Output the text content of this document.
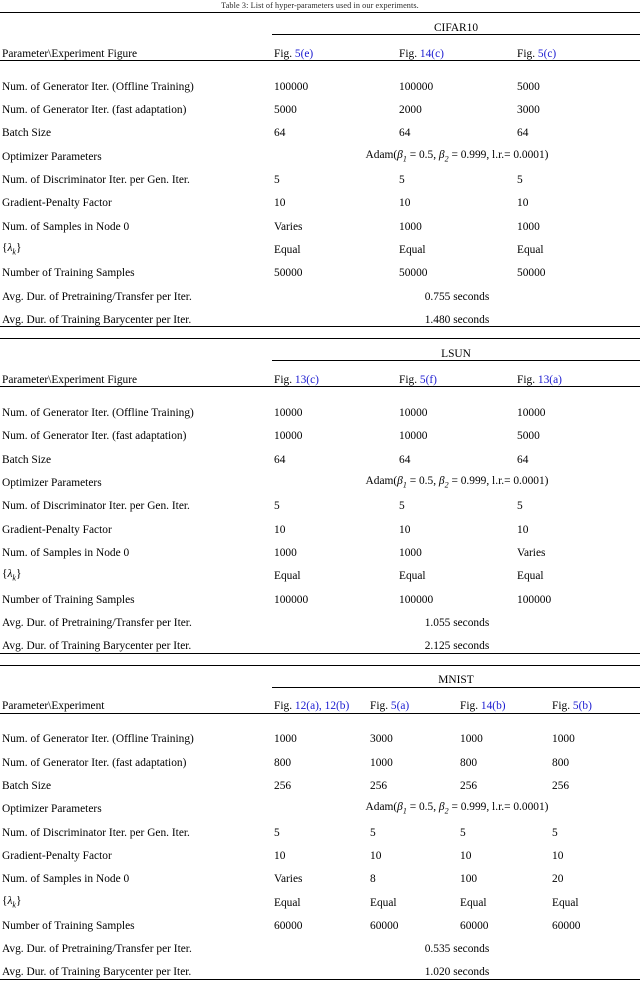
Table 3: List of hyper-parameters used in our experiments.

	CIFAR10		
Parameter\Experiment Figure	Fig. 5(e)	Fig. 14(c)	Fig. 5(c)

Num. of Generator Iter. (Offline Training)	100000	100000	5000
Num. of Generator Iter. (fast adaptation)	5000	2000	3000
Batch Size	64	64	64
Optimizer Parameters	$Adam(\beta_1 = 0.5$, $\beta_2 = 0.999$, l.r.= 0.0001)		
Num. of Discriminator Iter. per Gen. Iter.	5	5	5
Gradient-Penalty Factor	10	10	10
Num. of Samples in Node 0	Varies	1000	1000
$\{\lambda_k\}$	Equal	Equal	Equal
Number of Training Samples	50000	50000	50000
Avg. Dur. of Pretraining/Transfer per Iter.	0.755 seconds		
Avg. Dur. of Training Barycenter per Iter.	1.480 seconds		

	LSUN		
Parameter\Experiment Figure	Fig. 13(c)	Fig. 5(f)	Fig. 13(a)

Num. of Generator Iter. (Offline Training)	10000	10000	10000
Num. of Generator Iter. (fast adaptation)	10000	10000	5000
Batch Size	64	64	64
Optimizer Parameters	$Adam(\beta_1 = 0.5$, $\beta_2 = 0.999$, l.r.= 0.0001)		
Num. of Discriminator Iter. per Gen. Iter.	5	5	5
Gradient-Penalty Factor	10	10	10
Num. of Samples in Node 0	1000	1000	Varies
$\{\lambda_k\}$	Equal	Equal	Equal
Number of Training Samples	100000	100000	100000
Avg. Dur. of Pretraining/Transfer per Iter.	1.055 seconds		
Avg. Dur. of Training Barycenter per Iter.	2.125 seconds		

	MNIST			
Parameter\Experiment	Fig. 12(a), 12(b)	Fig. 5(a)	Fig. 14(b)	Fig. 5(b)

Num. of Generator Iter. (Offline Training)	1000	3000	1000	1000
Num. of Generator Iter. (fast adaptation)	800	1000	800	800
Batch Size	256	256	256	256
Optimizer Parameters	$Adam(\beta_1 = 0.5$, $\beta_2 = 0.999$, l.r.= 0.0001)			
Num. of Discriminator Iter. per Gen. Iter.	5	5	5	5
Gradient-Penalty Factor	10	10	10	10
Num. of Samples in Node 0	Varies	8	100	20
$\{\lambda_k\}$	Equal	Equal	Equal	Equal
Number of Training Samples	60000	60000	60000	60000
Avg. Dur. of Pretraining/Transfer per Iter.	0.535 seconds			
Avg. Dur. of Training Barycenter per Iter.	1.020 seconds			
